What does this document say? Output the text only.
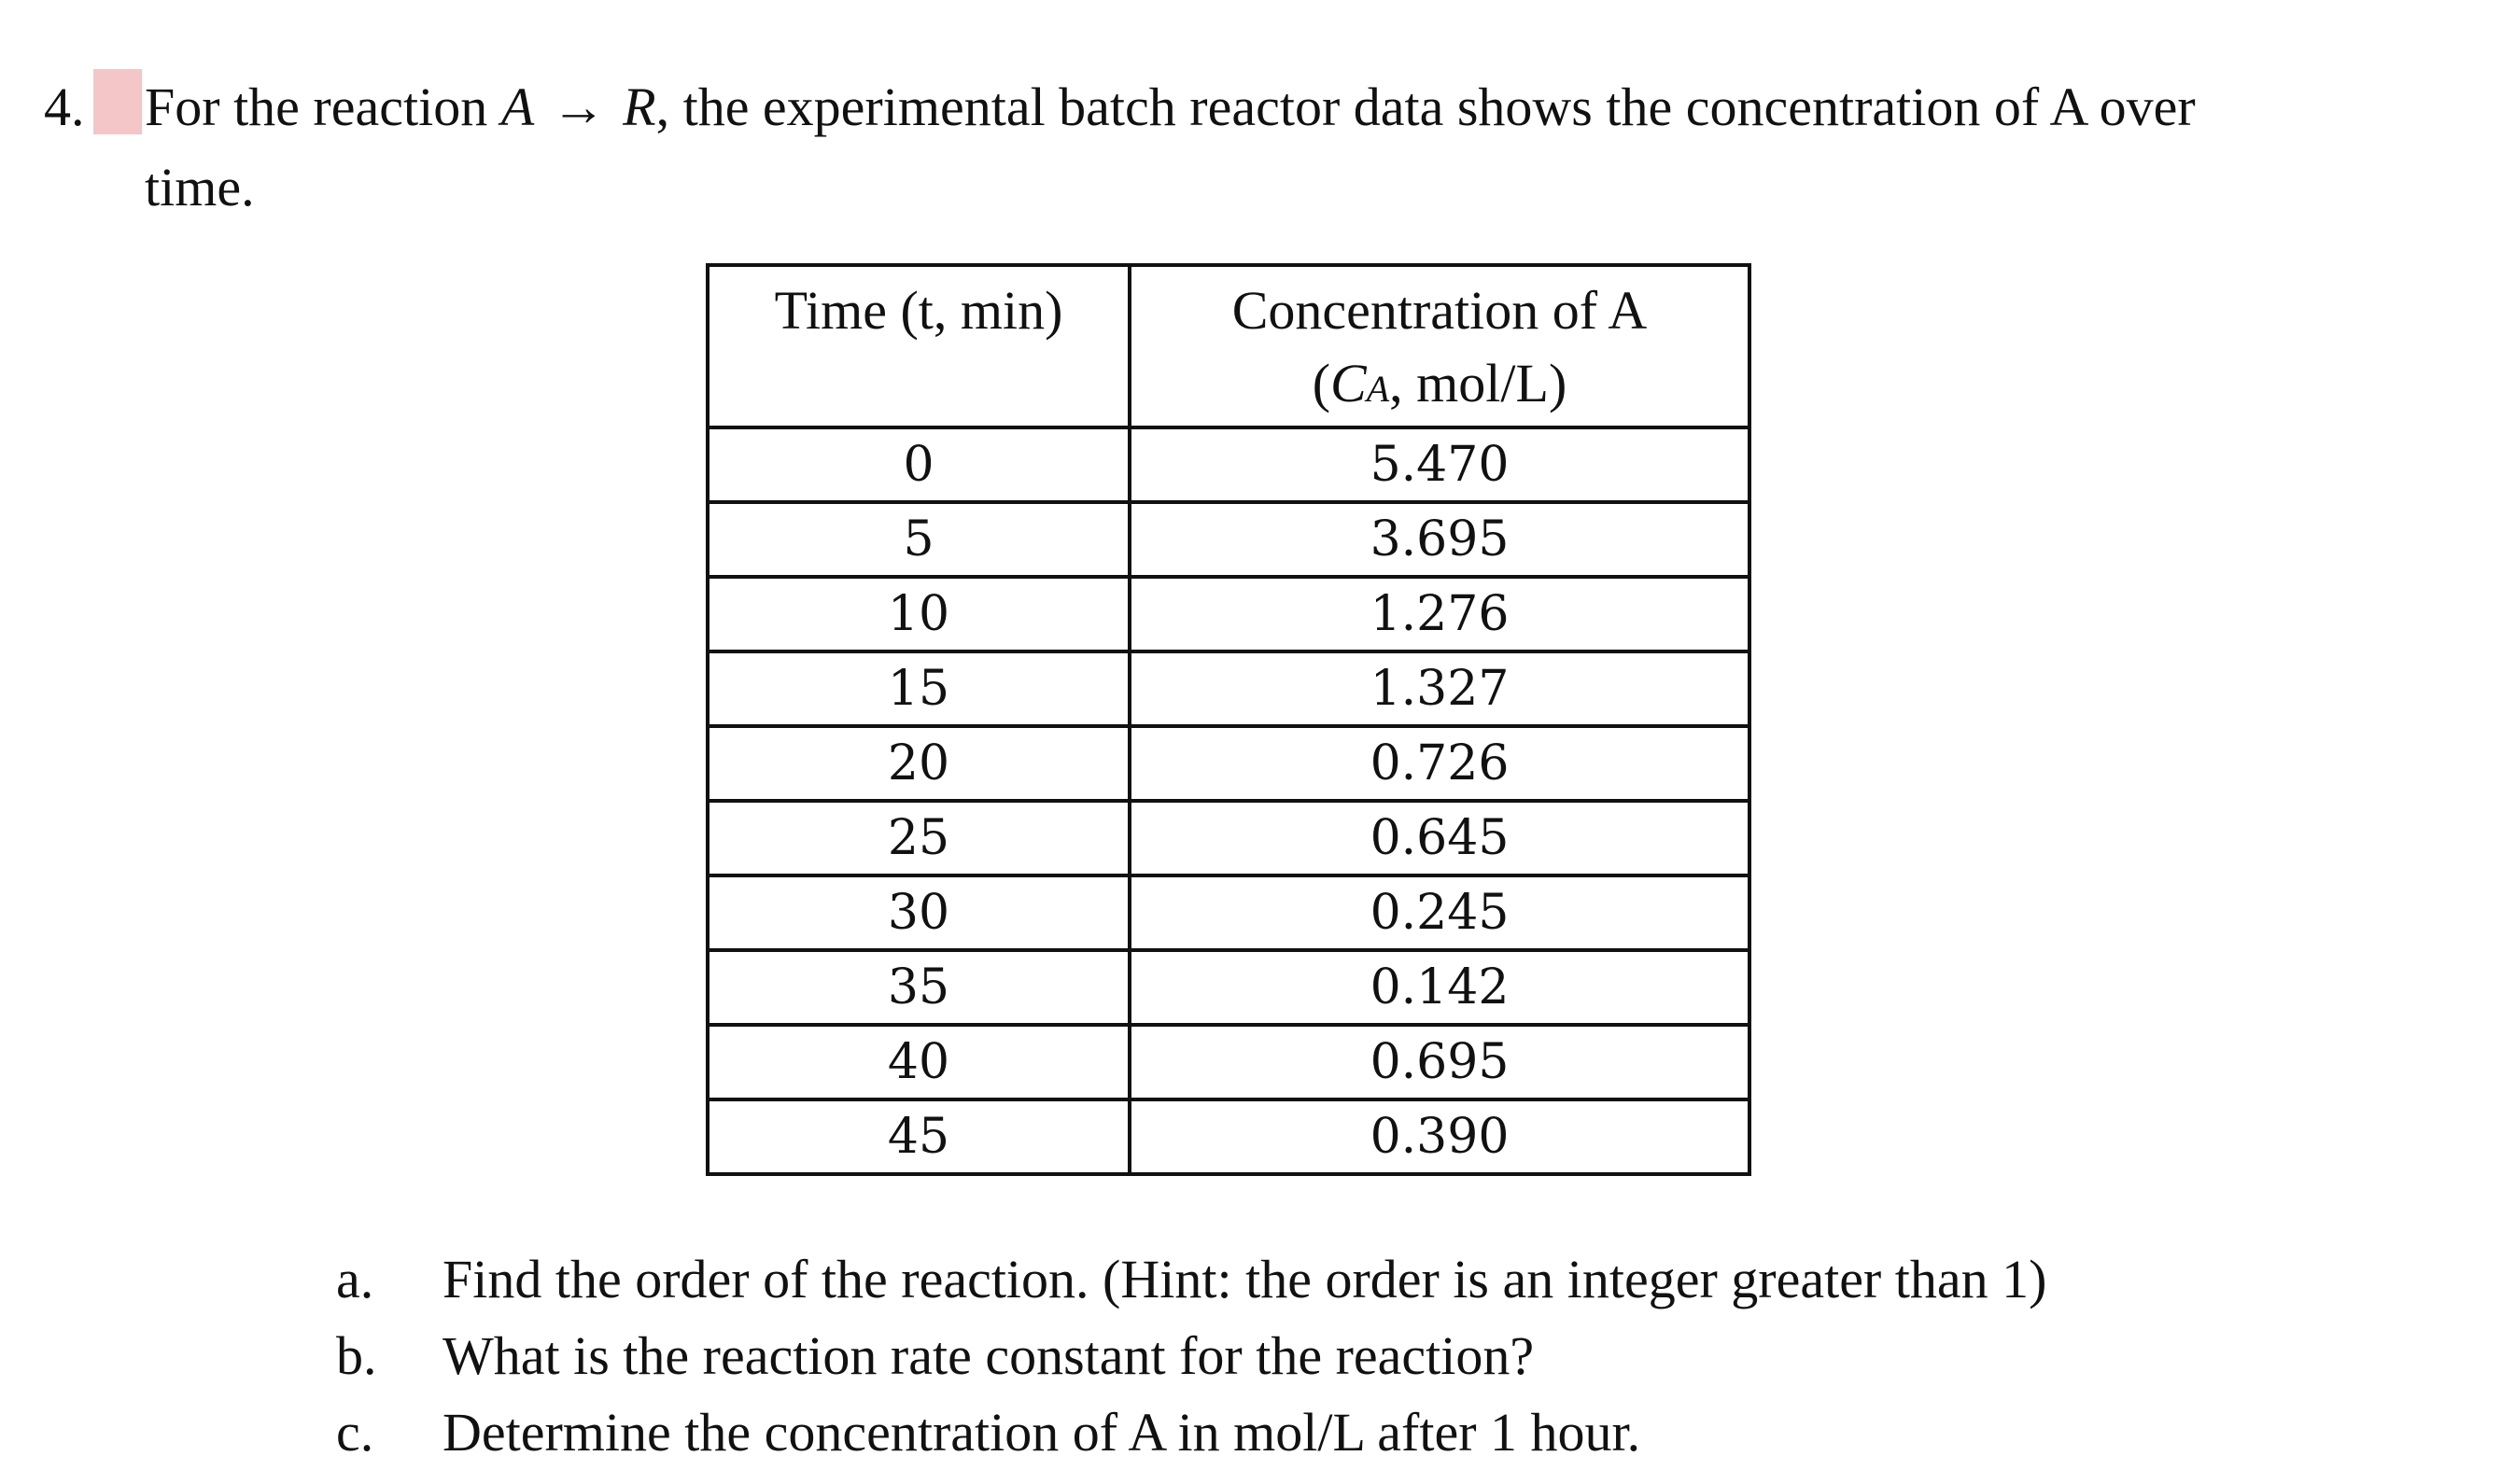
4. For the reaction A → R, the experimental batch reactor data shows the concentration of A over
time.
Time (t, min)	Concentration of A
(CA, mol/L)

0	5.470
5	3.695
10	1.276
15	1.327
20	0.726
25	0.645
30	0.245
35	0.142
40	0.695
45	0.390
a. Find the order of the reaction. (Hint: the order is an integer greater than 1)
b. What is the reaction rate constant for the reaction?
c. Determine the concentration of A in mol/L after 1 hour.
